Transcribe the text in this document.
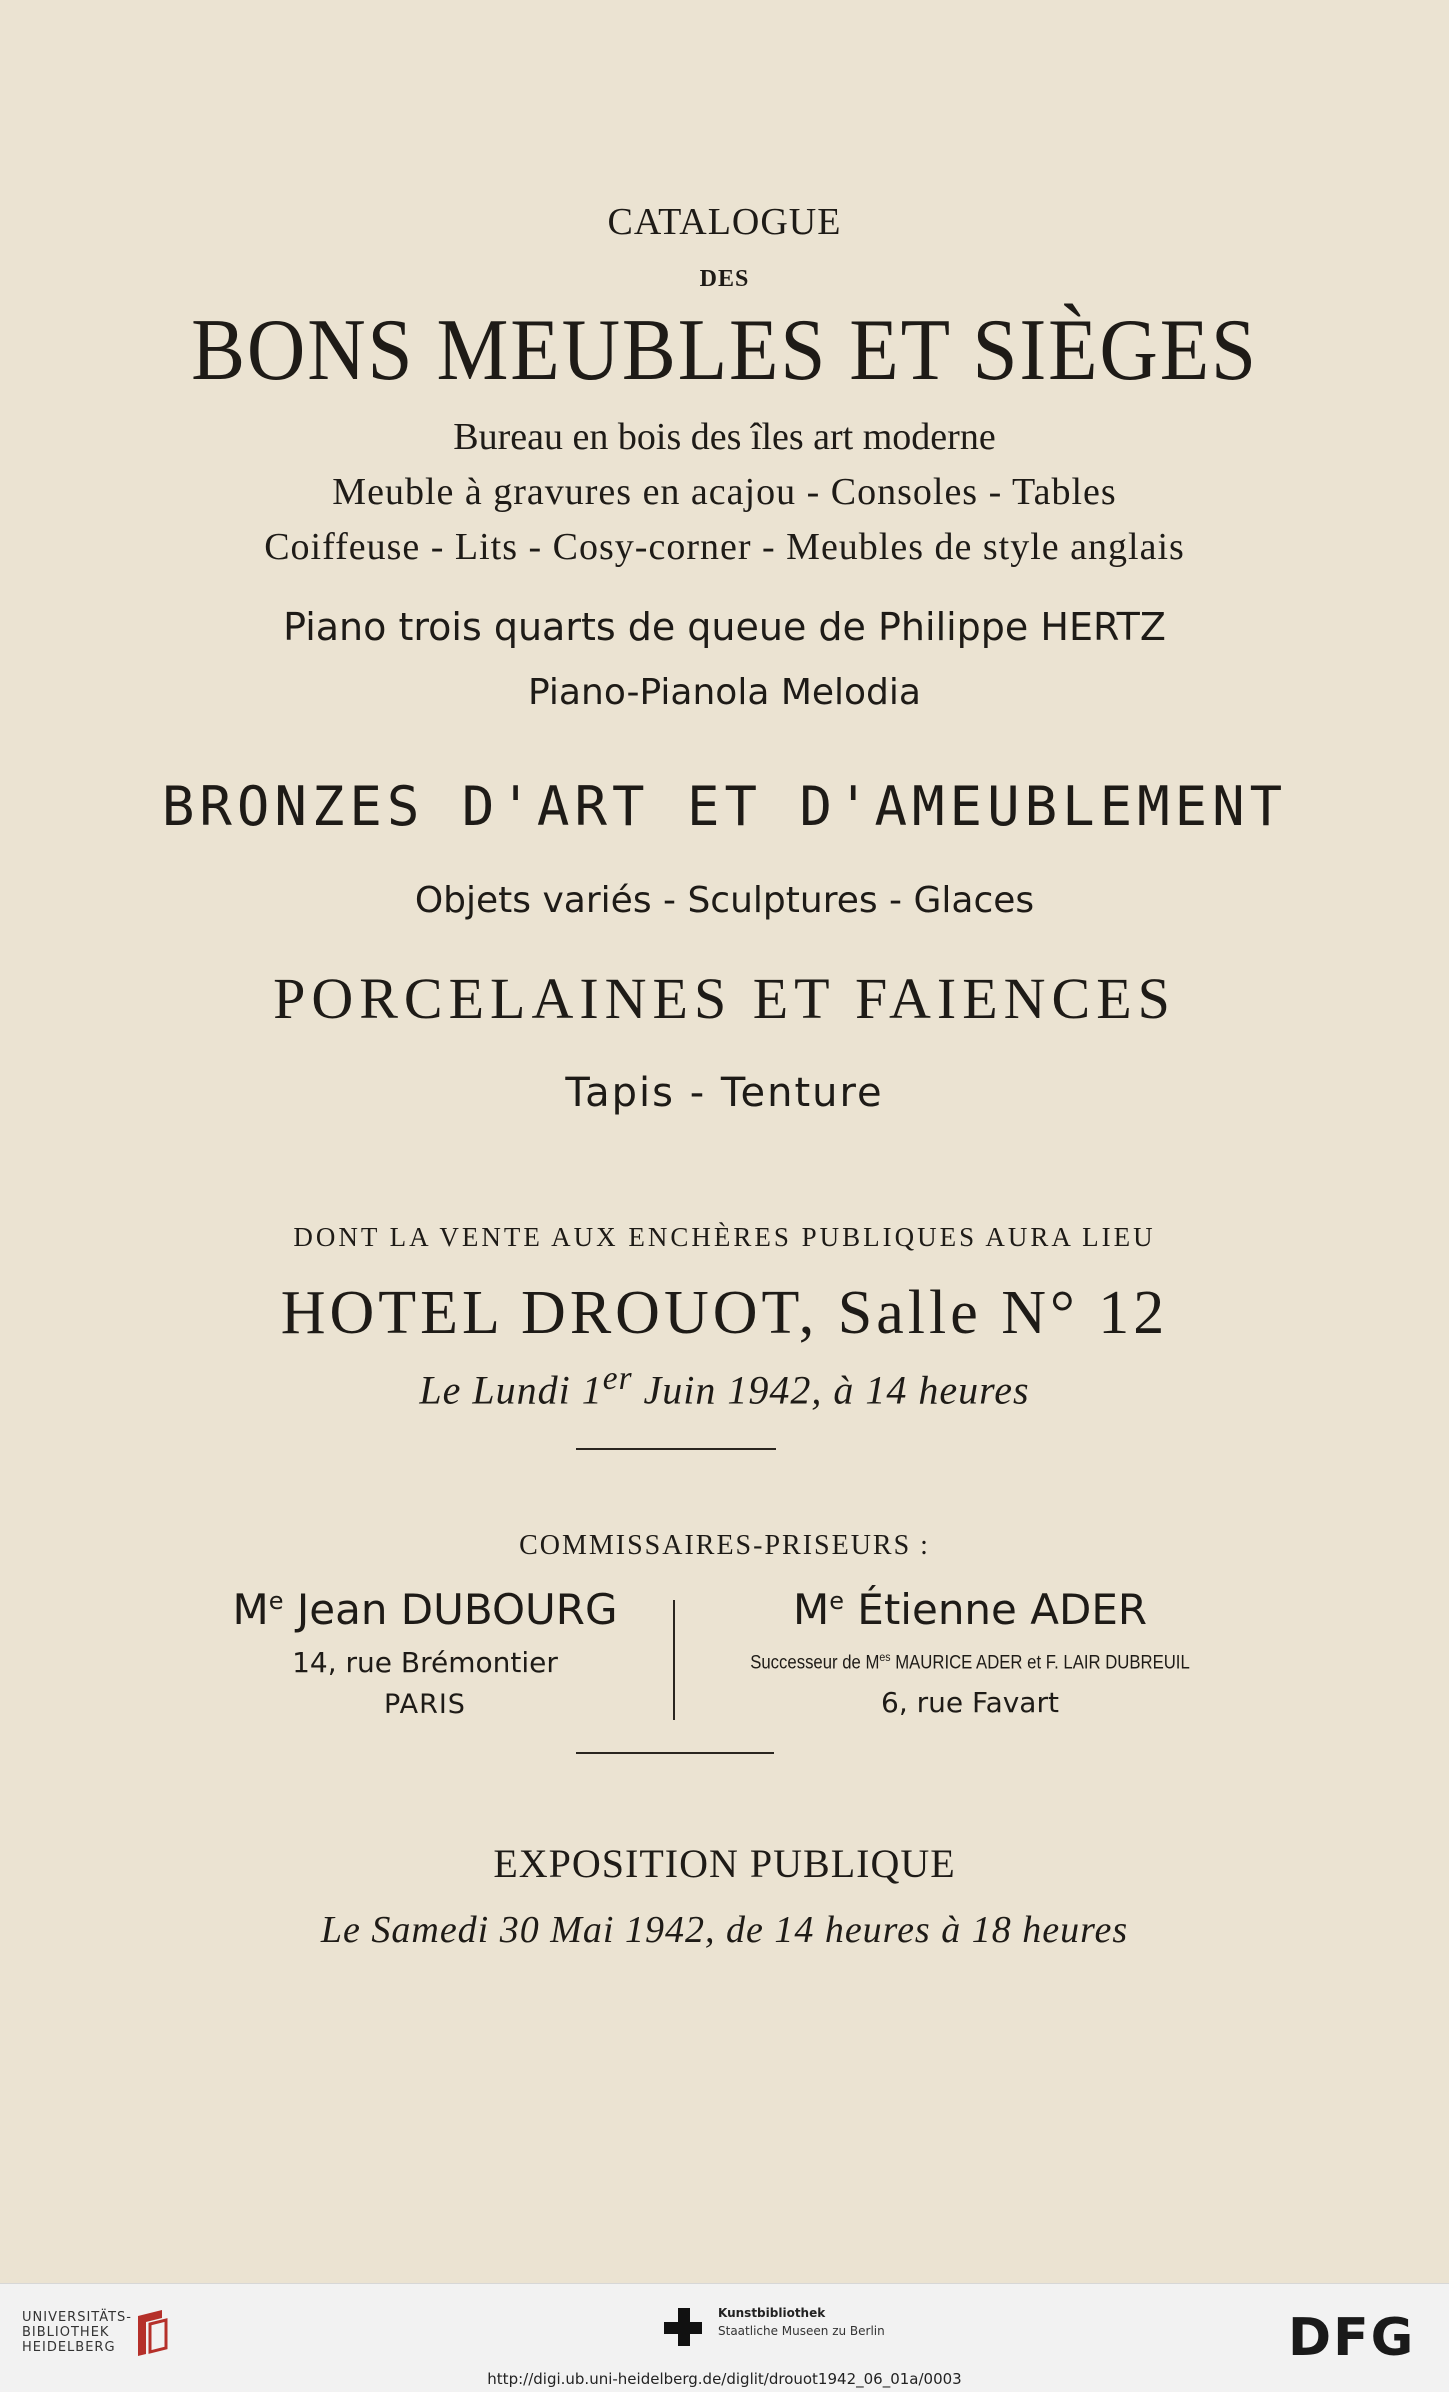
CATALOGUE

DES

BONS MEUBLES ET SIÈGES

Bureau en bois des îles art moderne

Meuble à gravures en acajou - Consoles - Tables

Coiffeuse - Lits - Cosy-corner - Meubles de style anglais

Piano trois quarts de queue de Philippe HERTZ

Piano-Pianola Melodia

BRONZES D'ART ET D'AMEUBLEMENT

Objets variés - Sculptures - Glaces

PORCELAINES ET FAIENCES

Tapis - Tenture

DONT LA VENTE AUX ENCHÈRES PUBLIQUES AURA LIEU

HOTEL DROUOT, Salle N° 12

Le Lundi 1er Juin 1942, à 14 heures

COMMISSAIRES-PRISEURS :

Me Jean DUBOURG
14, rue Brémontier
PARIS
Me Étienne ADER
Successeur de $M^{es}$ MAURICE ADER et F. LAIR DUBREUIL
6, rue Favart

EXPOSITION PUBLIQUE

Le Samedi 30 Mai 1942, de 14 heures à 18 heures

UNIVERSITÄTS-
BIBLIOTHEK
HEIDELBERG
Kunstbibliothek
Staatliche Museen zu Berlin	DFG
http://digi.ub.uni-heidelberg.de/diglit/drouot1942_06_01a/0003
